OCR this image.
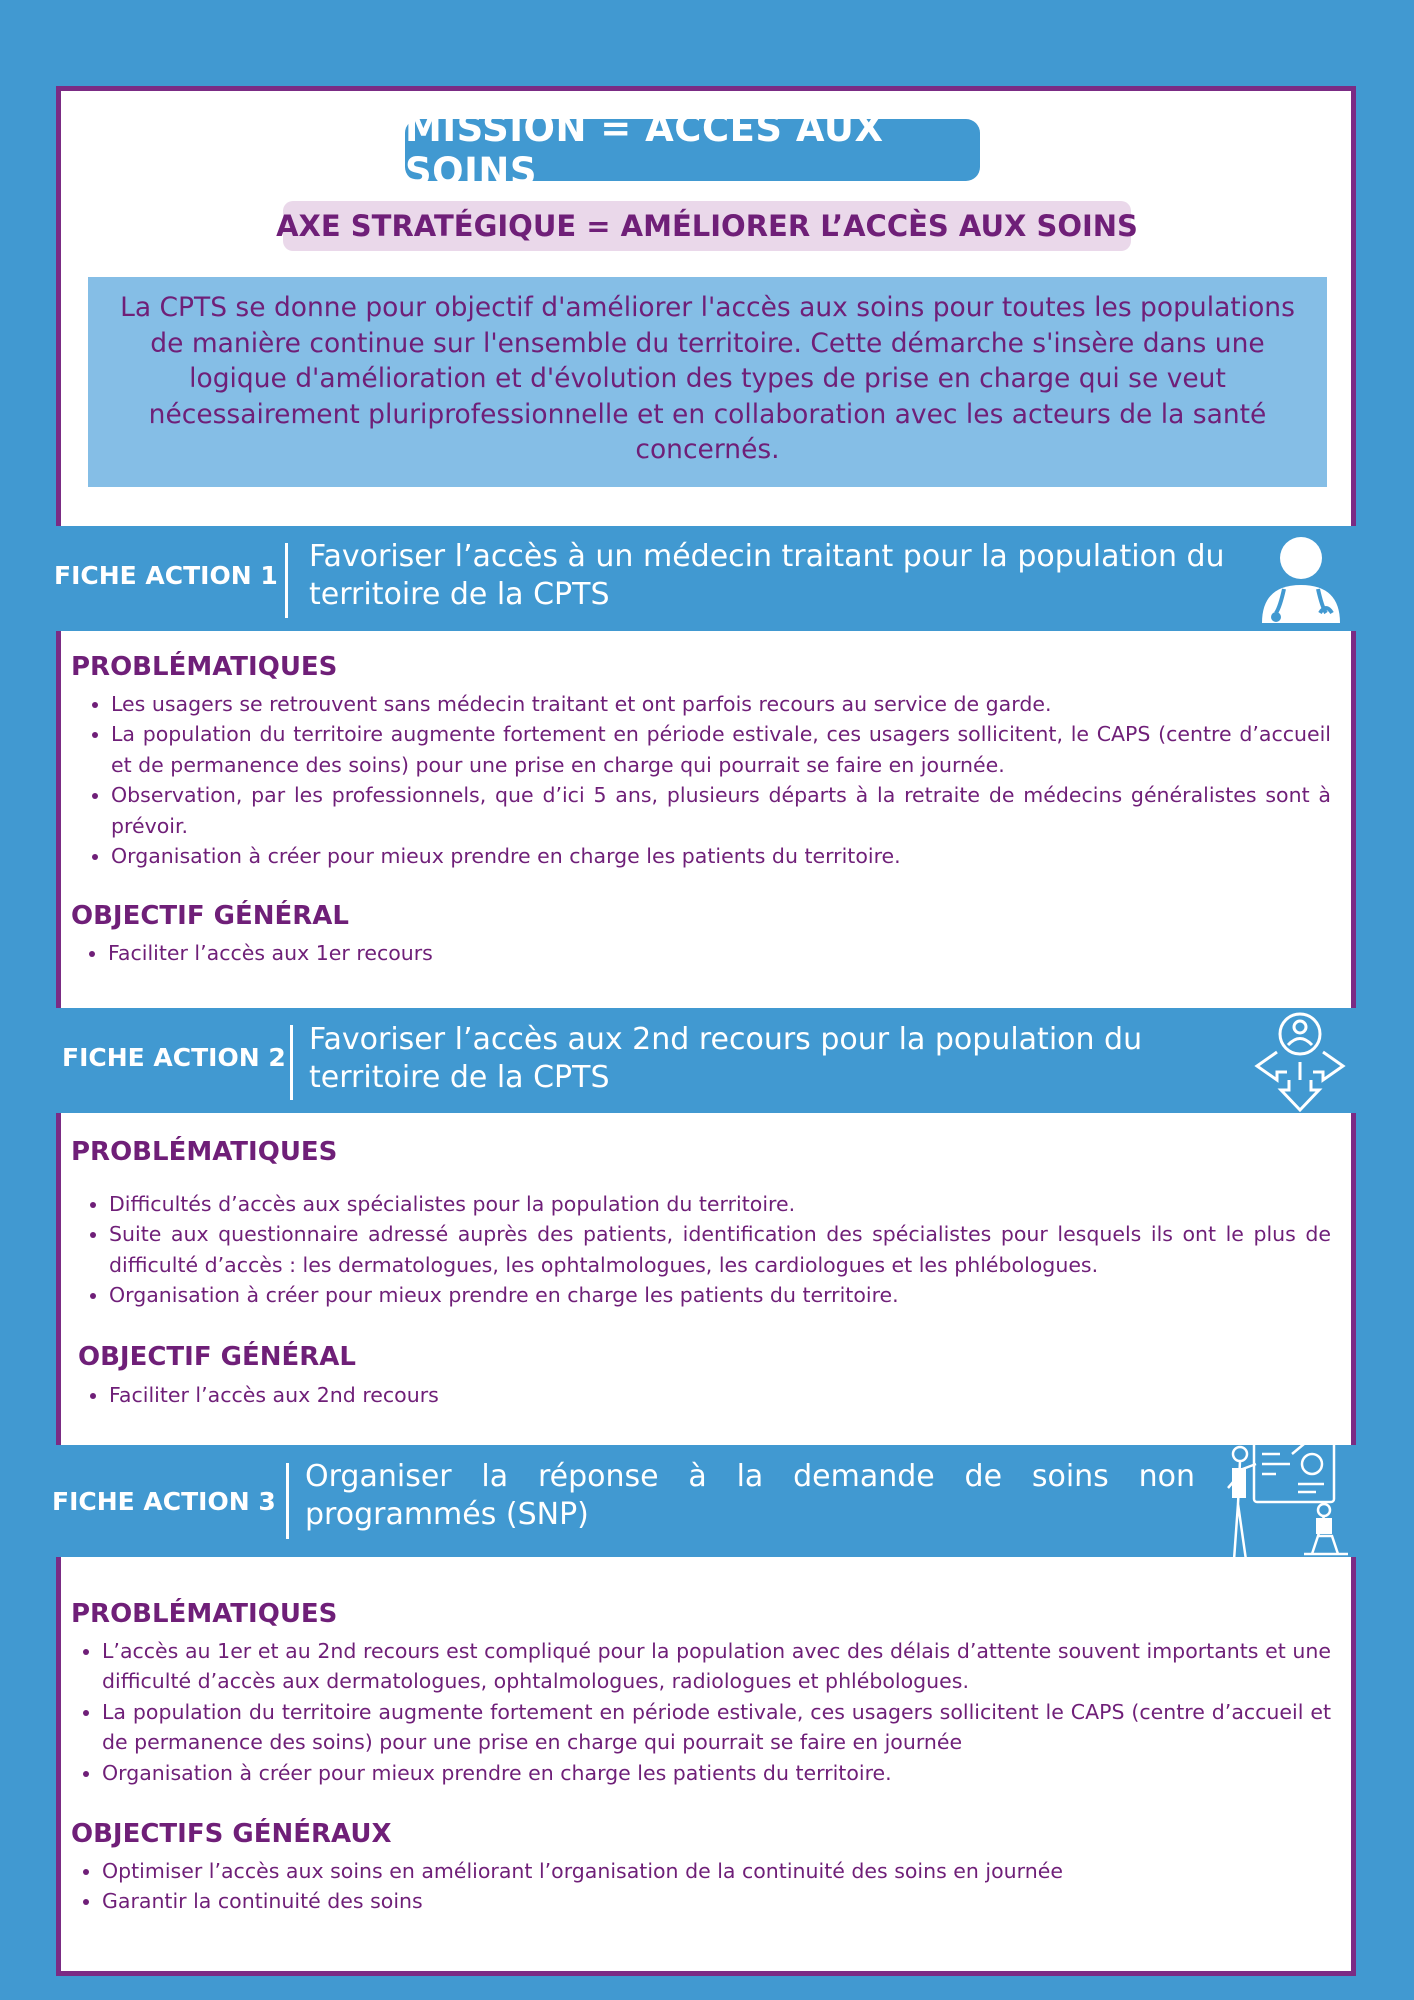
MISSION = ACCÈS AUX SOINS
AXE STRATÉGIQUE = AMÉLIORER L’ACCÈS AUX SOINS
La CPTS se donne pour objectif d'améliorer l'accès aux soins pour toutes les populations de manière continue sur l'ensemble du territoire. Cette démarche s'insère dans une logique d'amélioration et d'évolution des types de prise en charge qui se veut nécessairement pluriprofessionnelle et en collaboration avec les acteurs de la santé concernés.
FICHE ACTION 1
Favoriser l’accès à un médecin traitant pour la population du territoire de la CPTS
PROBLÉMATIQUES
Les usagers se retrouvent sans médecin traitant et ont parfois recours au service de garde.
La population du territoire augmente fortement en période estivale, ces usagers sollicitent, le CAPS (centre d’accueil et de permanence des soins) pour une prise en charge qui pourrait se faire en journée.
Observation, par les professionnels, que d’ici 5 ans, plusieurs départs à la retraite de médecins généralistes sont à prévoir.
Organisation à créer pour mieux prendre en charge les patients du territoire.
OBJECTIF GÉNÉRAL
Faciliter l’accès aux 1er recours
FICHE ACTION 2
Favoriser l’accès aux 2nd recours pour la population du territoire de la CPTS
PROBLÉMATIQUES
Difficultés d’accès aux spécialistes pour la population du territoire.
Suite aux questionnaire adressé auprès des patients, identification des spécialistes pour lesquels ils ont le plus de difficulté d’accès : les dermatologues, les ophtalmologues, les cardiologues et les phlébologues.
Organisation à créer pour mieux prendre en charge les patients du territoire.
OBJECTIF GÉNÉRAL
Faciliter l’accès aux 2nd recours
FICHE ACTION 3
Organiser la réponse à la demande de soins non programmés (SNP)
PROBLÉMATIQUES
L’accès au 1er et au 2nd recours est compliqué pour la population avec des délais d’attente souvent importants et une difficulté d’accès aux dermatologues, ophtalmologues, radiologues et phlébologues.
La population du territoire augmente fortement en période estivale, ces usagers sollicitent le CAPS (centre d’accueil et de permanence des soins) pour une prise en charge qui pourrait se faire en journée
Organisation à créer pour mieux prendre en charge les patients du territoire.
OBJECTIFS GÉNÉRAUX
Optimiser l’accès aux soins en améliorant l’organisation de la continuité des soins en journée
Garantir la continuité des soins
